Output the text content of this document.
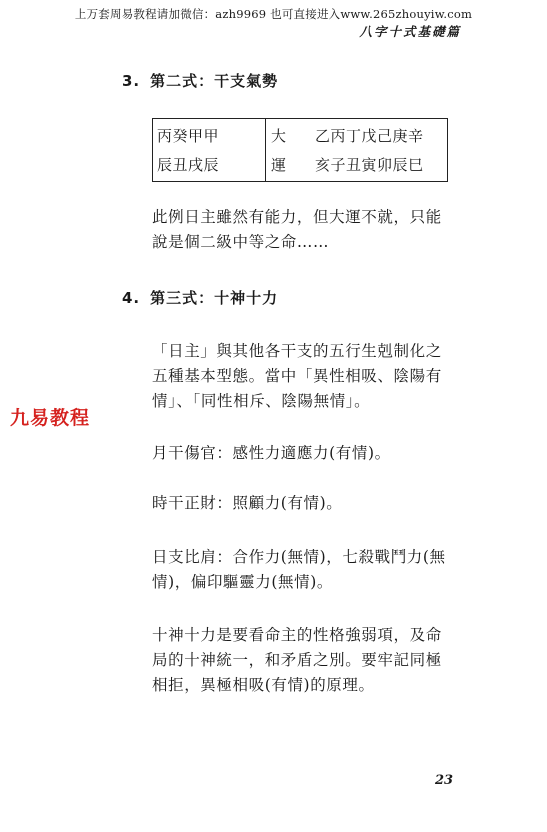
上万套周易教程请加微信：azh9969 也可直接进入www.265zhouyiw.com
八字十式基礎篇
3. 第二式：干支氣勢
丙癸甲甲	大 乙丙丁戊己庚辛
辰丑戌辰	運 亥子丑寅卯辰巳
此例日主雖然有能力，但大運不就，只能
說是個二級中等之命……
4. 第三式：十神十力
「日主」與其他各干支的五行生剋制化之
五種基本型態。當中「異性相吸、陰陽有
情」、「同性相斥、陰陽無情」。
月干傷官：感性力適應力(有情)。
時干正財：照顧力(有情)。
日支比肩：合作力(無情)，七殺戰鬥力(無
情)，偏印驅靈力(無情)。
十神十力是要看命主的性格強弱項，及命
局的十神統一，和矛盾之別。要牢記同極
相拒，異極相吸(有情)的原理。
九易教程
23
